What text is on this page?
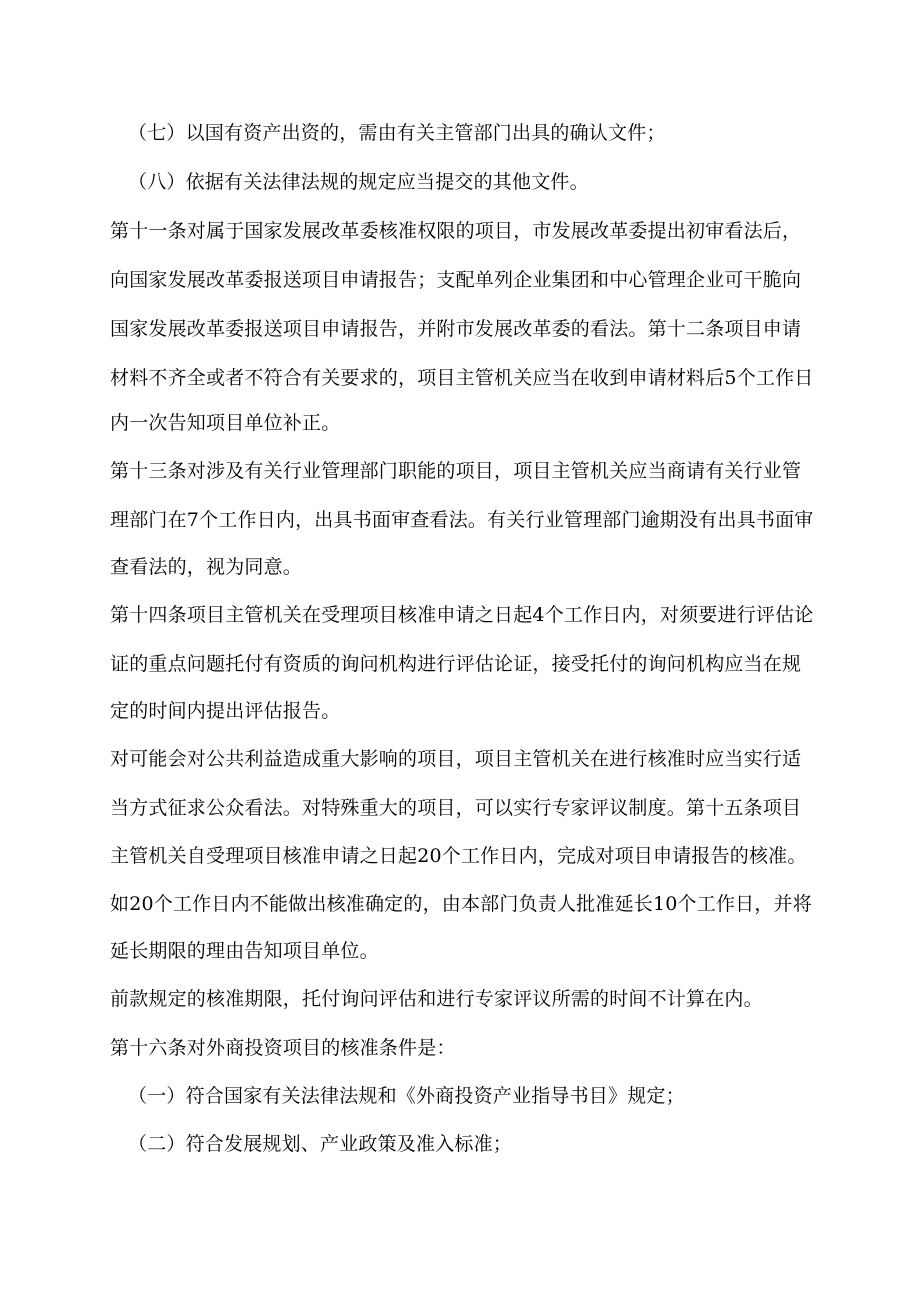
（七）以国有资产出资的，需由有关主管部门出具的确认文件；
（八）依据有关法律法规的规定应当提交的其他文件。
第十一条对属于国家发展改革委核准权限的项目，市发展改革委提出初审看法后，
向国家发展改革委报送项目申请报告；支配单列企业集团和中心管理企业可干脆向
国家发展改革委报送项目申请报告，并附市发展改革委的看法。第十二条项目申请
材料不齐全或者不符合有关要求的，项目主管机关应当在收到申请材料后5个工作日
内一次告知项目单位补正。
第十三条对涉及有关行业管理部门职能的项目，项目主管机关应当商请有关行业管
理部门在7个工作日内，出具书面审查看法。有关行业管理部门逾期没有出具书面审
查看法的，视为同意。
第十四条项目主管机关在受理项目核准申请之日起4个工作日内，对须要进行评估论
证的重点问题托付有资质的询问机构进行评估论证，接受托付的询问机构应当在规
定的时间内提出评估报告。
对可能会对公共利益造成重大影响的项目，项目主管机关在进行核准时应当实行适
当方式征求公众看法。对特殊重大的项目，可以实行专家评议制度。第十五条项目
主管机关自受理项目核准申请之日起20个工作日内，完成对项目申请报告的核准。
如20个工作日内不能做出核准确定的，由本部门负责人批准延长10个工作日，并将
延长期限的理由告知项目单位。
前款规定的核准期限，托付询问评估和进行专家评议所需的时间不计算在内。
第十六条对外商投资项目的核准条件是：
（一）符合国家有关法律法规和《外商投资产业指导书目》规定；
（二）符合发展规划、产业政策及准入标准；
